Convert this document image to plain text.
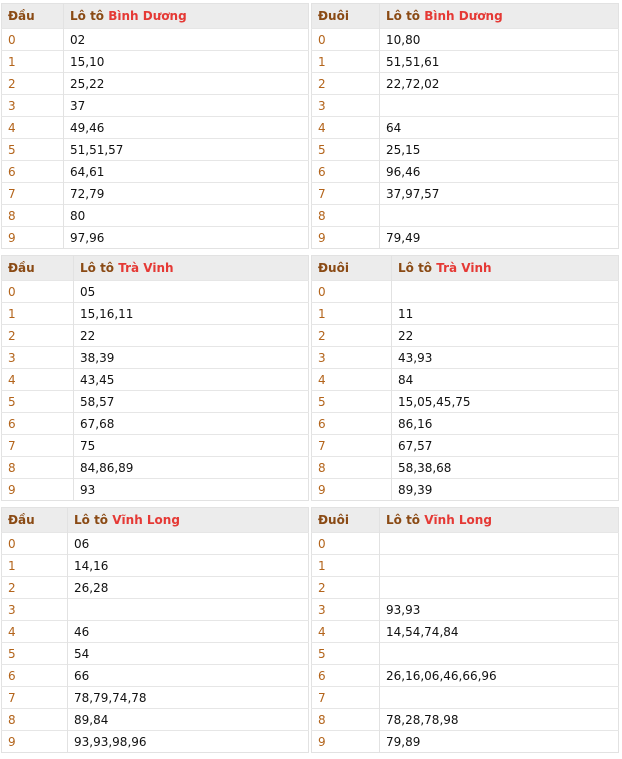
Đầu	Lô tô Bình Dương
0	02
1	15,10
2	25,22
3	37
4	49,46
5	51,51,57
6	64,61
7	72,79
8	80
9	97,96
Đuôi	Lô tô Bình Dương
0	10,80
1	51,51,61
2	22,72,02
3	
4	64
5	25,15
6	96,46
7	37,97,57
8	
9	79,49
Đầu	Lô tô Trà Vinh
0	05
1	15,16,11
2	22
3	38,39
4	43,45
5	58,57
6	67,68
7	75
8	84,86,89
9	93
Đuôi	Lô tô Trà Vinh
0	
1	11
2	22
3	43,93
4	84
5	15,05,45,75
6	86,16
7	67,57
8	58,38,68
9	89,39
Đầu	Lô tô Vĩnh Long
0	06
1	14,16
2	26,28
3	
4	46
5	54
6	66
7	78,79,74,78
8	89,84
9	93,93,98,96
Đuôi	Lô tô Vĩnh Long
0	
1	
2	
3	93,93
4	14,54,74,84
5	
6	26,16,06,46,66,96
7	
8	78,28,78,98
9	79,89
